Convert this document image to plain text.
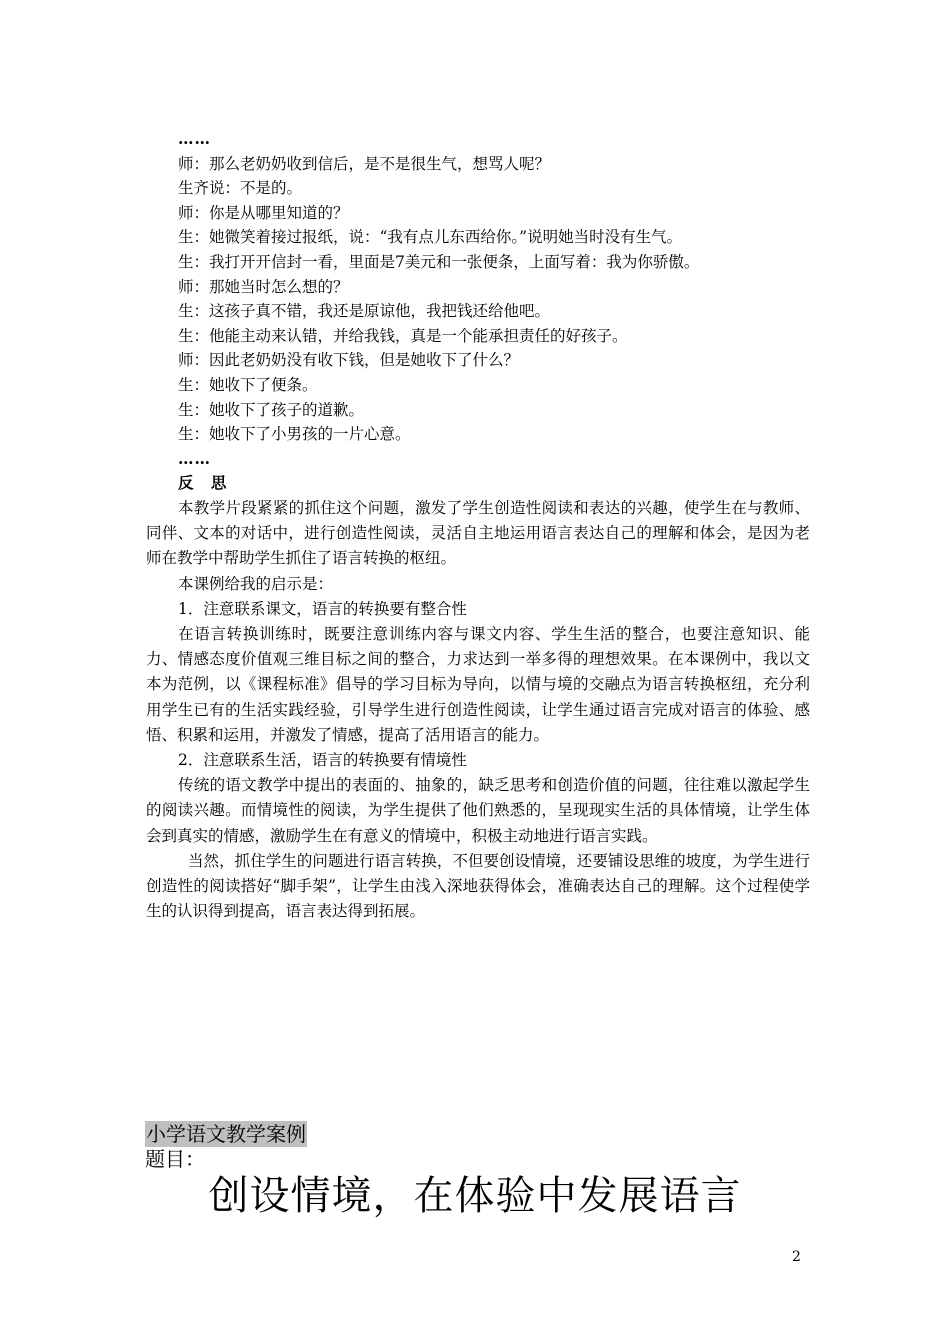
……
师：那么老奶奶收到信后，是不是很生气，想骂人呢？
生齐说：不是的。
师：你是从哪里知道的？
生：她微笑着接过报纸，说：“我有点儿东西给你。”说明她当时没有生气。
生：我打开开信封一看，里面是7美元和一张便条，上面写着：我为你骄傲。
师：那她当时怎么想的？
生：这孩子真不错，我还是原谅他，我把钱还给他吧。
生：他能主动来认错，并给我钱，真是一个能承担责任的好孩子。
师：因此老奶奶没有收下钱，但是她收下了什么？
生：她收下了便条。
生：她收下了孩子的道歉。
生：她收下了小男孩的一片心意。
……
反 思

本教学片段紧紧的抓住这个问题，激发了学生创造性阅读和表达的兴趣，使学生在与教师、同伴、文本的对话中，进行创造性阅读，灵活自主地运用语言表达自己的理解和体会，是因为老师在教学中帮助学生抓住了语言转换的枢纽。

本课例给我的启示是：
1．注意联系课文，语言的转换要有整合性

在语言转换训练时，既要注意训练内容与课文内容、学生生活的整合，也要注意知识、能力、情感态度价值观三维目标之间的整合，力求达到一举多得的理想效果。在本课例中，我以文本为范例，以《课程标准》倡导的学习目标为导向，以情与境的交融点为语言转换枢纽，充分利用学生已有的生活实践经验，引导学生进行创造性阅读，让学生通过语言完成对语言的体验、感悟、积累和运用，并激发了情感，提高了活用语言的能力。

2．注意联系生活，语言的转换要有情境性

传统的语文教学中提出的表面的、抽象的，缺乏思考和创造价值的问题，往往难以激起学生的阅读兴趣。而情境性的阅读，为学生提供了他们熟悉的，呈现现实生活的具体情境，让学生体会到真实的情感，激励学生在有意义的情境中，积极主动地进行语言实践。

当然，抓住学生的问题进行语言转换，不但要创设情境，还要铺设思维的坡度，为学生进行创造性的阅读搭好“脚手架”，让学生由浅入深地获得体会，准确表达自己的理解。这个过程使学生的认识得到提高，语言表达得到拓展。

小学语文教学案例
题目：
创设情境，在体验中发展语言
2
